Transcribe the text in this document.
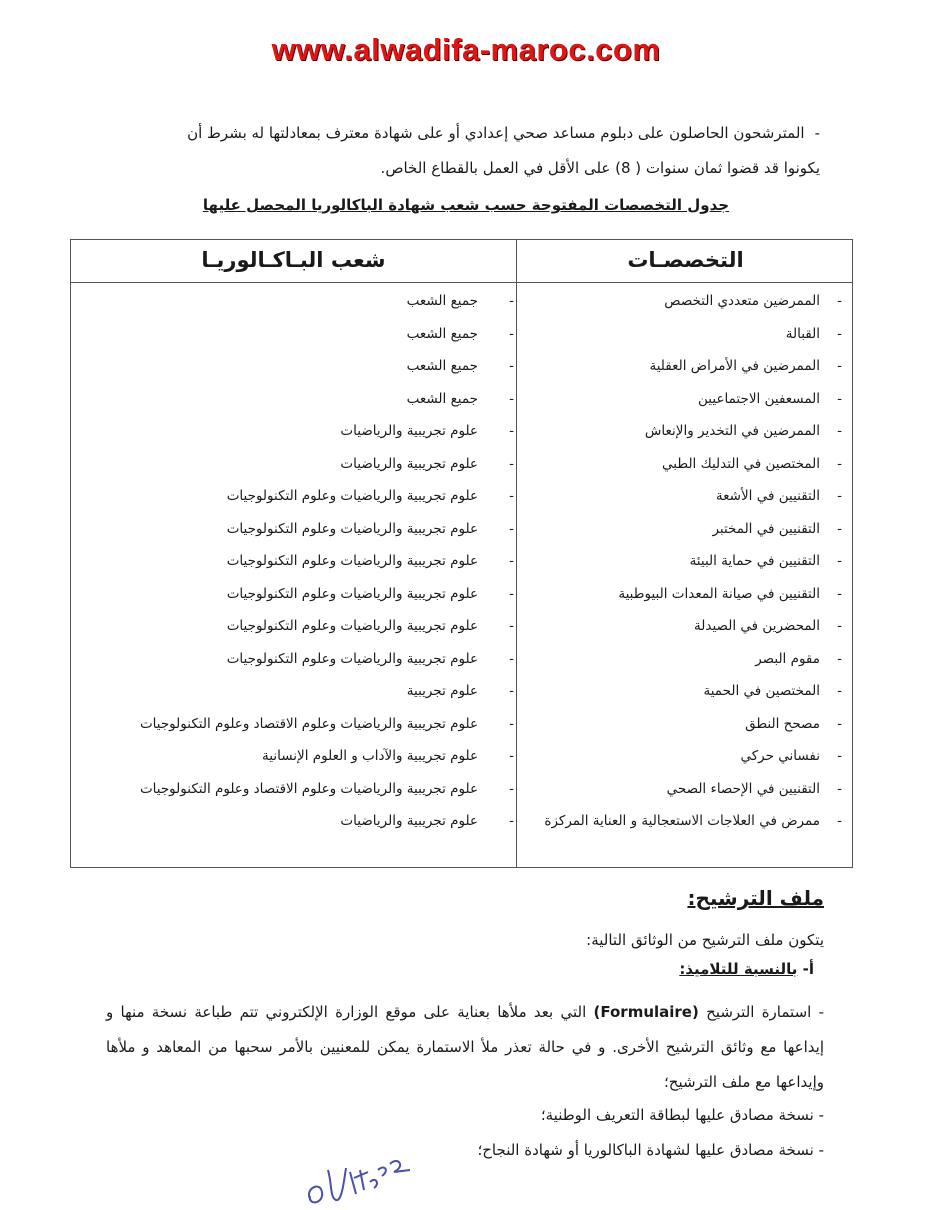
www.alwadifa-maroc.com
-المترشحون الحاصلون على دبلوم مساعد صحي إعدادي أو على شهادة معترف بمعادلتها له بشرط أن
يكونوا قد قضوا ثمان سنوات ( 8) على الأقل في العمل بالقطاع الخاص.
جدول التخصصات المفتوحة حسب شعب شهادة الباكالوريا المحصل عليها
التخصصـات
شعب البـاكـالوريـا
-الممرضين متعددي التخصص
-جميع الشعب
-القبالة
-جميع الشعب
-الممرضين في الأمراض العقلية
-جميع الشعب
-المسعفين الاجتماعيين
-جميع الشعب
-الممرضين في التخدير والإنعاش
-علوم تجريبية والرياضيات
-المختصين في التدليك الطبي
-علوم تجريبية والرياضيات
-التقنيين في الأشعة
-علوم تجريبية والرياضيات وعلوم التكنولوجيات
-التقنيين في المختبر
-علوم تجريبية والرياضيات وعلوم التكنولوجيات
-التقنيين في حماية البيئة
-علوم تجريبية والرياضيات وعلوم التكنولوجيات
-التقنيين في صيانة المعدات البيوطبية
-علوم تجريبية والرياضيات وعلوم التكنولوجيات
-المحضرين في الصيدلة
-علوم تجريبية والرياضيات وعلوم التكنولوجيات
-مقوم البصر
-علوم تجريبية والرياضيات وعلوم التكنولوجيات
-المختصين في الحمية
-علوم تجريبية
-مصحح النطق
-علوم تجريبية والرياضيات وعلوم الاقتصاد وعلوم التكنولوجيات
-نفساني حركي
-علوم تجريبية والآداب و العلوم الإنسانية
-التقنيين في الإحصاء الصحي
-علوم تجريبية والرياضيات وعلوم الاقتصاد وعلوم التكنولوجيات
-ممرض في العلاجات الاستعجالية و العناية المركزة
-علوم تجريبية والرياضيات
ملف الترشيح:
يتكون ملف الترشيح من الوثائق التالية:
أ- بالنسبة للتلاميذ:
- استمارة الترشيح (Formulaire) التي بعد ملأها بعناية على موقع الوزارة الإلكتروني تتم طباعة نسخة منها و إيداعها مع وثائق الترشيح الأخرى. و في حالة تعذر ملأ الاستمارة يمكن للمعنيين بالأمر سحبها من المعاهد و ملأها وإيداعها مع ملف الترشيح؛
- نسخة مصادق عليها لبطاقة التعريف الوطنية؛
- نسخة مصادق عليها لشهادة الباكالوريا أو شهادة النجاح؛
